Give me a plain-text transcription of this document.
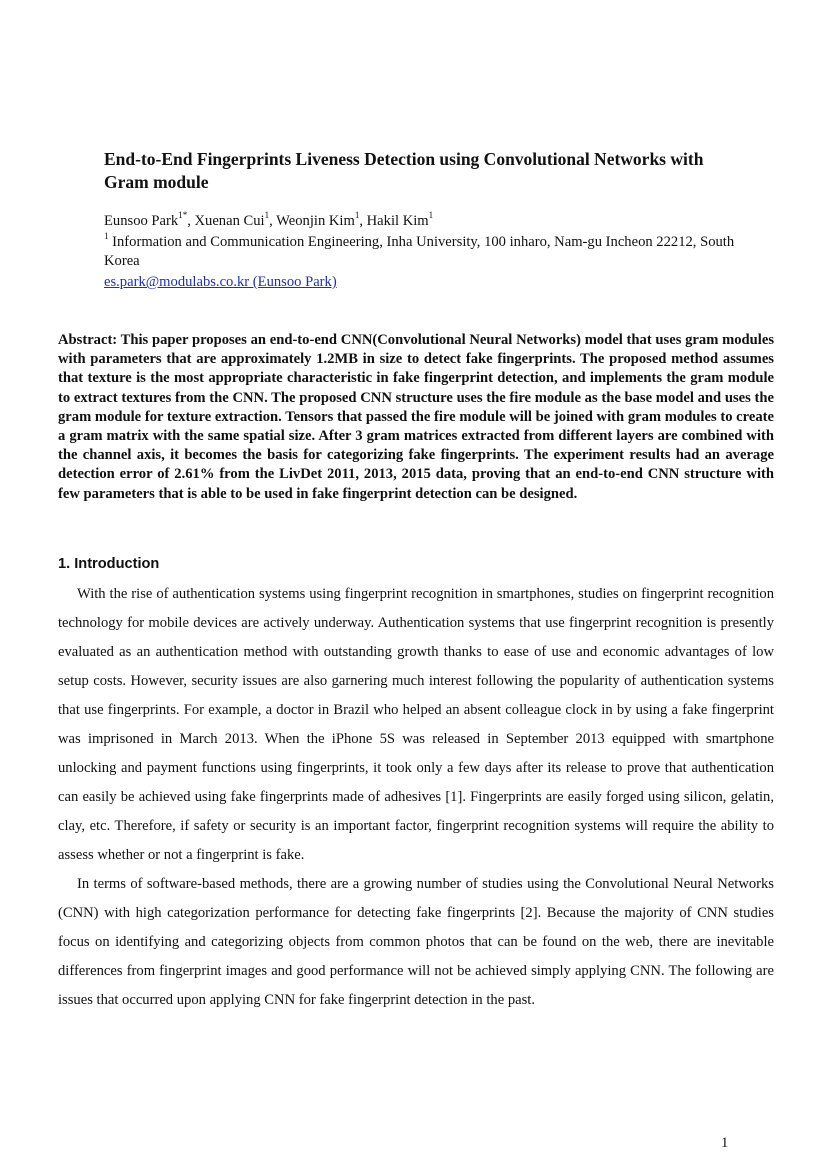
End-to-End Fingerprints Liveness Detection using Convolutional Networks with Gram module
Eunsoo Park$^{1*}$, Xuenan Cui$^1$, Weonjin Kim$^1$, Hakil Kim$^1$
$^1$ Information and Communication Engineering, Inha University, 100 inharo, Nam-gu Incheon 22212, South Korea
es.park@modulabs.co.kr (Eunsoo Park)
Abstract: This paper proposes an end-to-end CNN(Convolutional Neural Networks) model that uses gram modules with parameters that are approximately 1.2MB in size to detect fake fingerprints. The proposed method assumes that texture is the most appropriate characteristic in fake fingerprint detection, and implements the gram module to extract textures from the CNN. The proposed CNN structure uses the fire module as the base model and uses the gram module for texture extraction. Tensors that passed the fire module will be joined with gram modules to create a gram matrix with the same spatial size. After 3 gram matrices extracted from different layers are combined with the channel axis, it becomes the basis for categorizing fake fingerprints. The experiment results had an average detection error of 2.61% from the LivDet 2011, 2013, 2015 data, proving that an end-to-end CNN structure with few parameters that is able to be used in fake fingerprint detection can be designed.
1. Introduction

With the rise of authentication systems using fingerprint recognition in smartphones, studies on fingerprint recognition technology for mobile devices are actively underway. Authentication systems that use fingerprint recognition is presently evaluated as an authentication method with outstanding growth thanks to ease of use and economic advantages of low setup costs. However, security issues are also garnering much interest following the popularity of authentication systems that use fingerprints. For example, a doctor in Brazil who helped an absent colleague clock in by using a fake fingerprint was imprisoned in March 2013. When the iPhone 5S was released in September 2013 equipped with smartphone unlocking and payment functions using fingerprints, it took only a few days after its release to prove that authentication can easily be achieved using fake fingerprints made of adhesives [1]. Fingerprints are easily forged using silicon, gelatin, clay, etc. Therefore, if safety or security is an important factor, fingerprint recognition systems will require the ability to assess whether or not a fingerprint is fake.

In terms of software-based methods, there are a growing number of studies using the Convolutional Neural Networks (CNN) with high categorization performance for detecting fake fingerprints [2]. Because the majority of CNN studies focus on identifying and categorizing objects from common photos that can be found on the web, there are inevitable differences from fingerprint images and good performance will not be achieved simply applying CNN. The following are issues that occurred upon applying CNN for fake fingerprint detection in the past.

1
